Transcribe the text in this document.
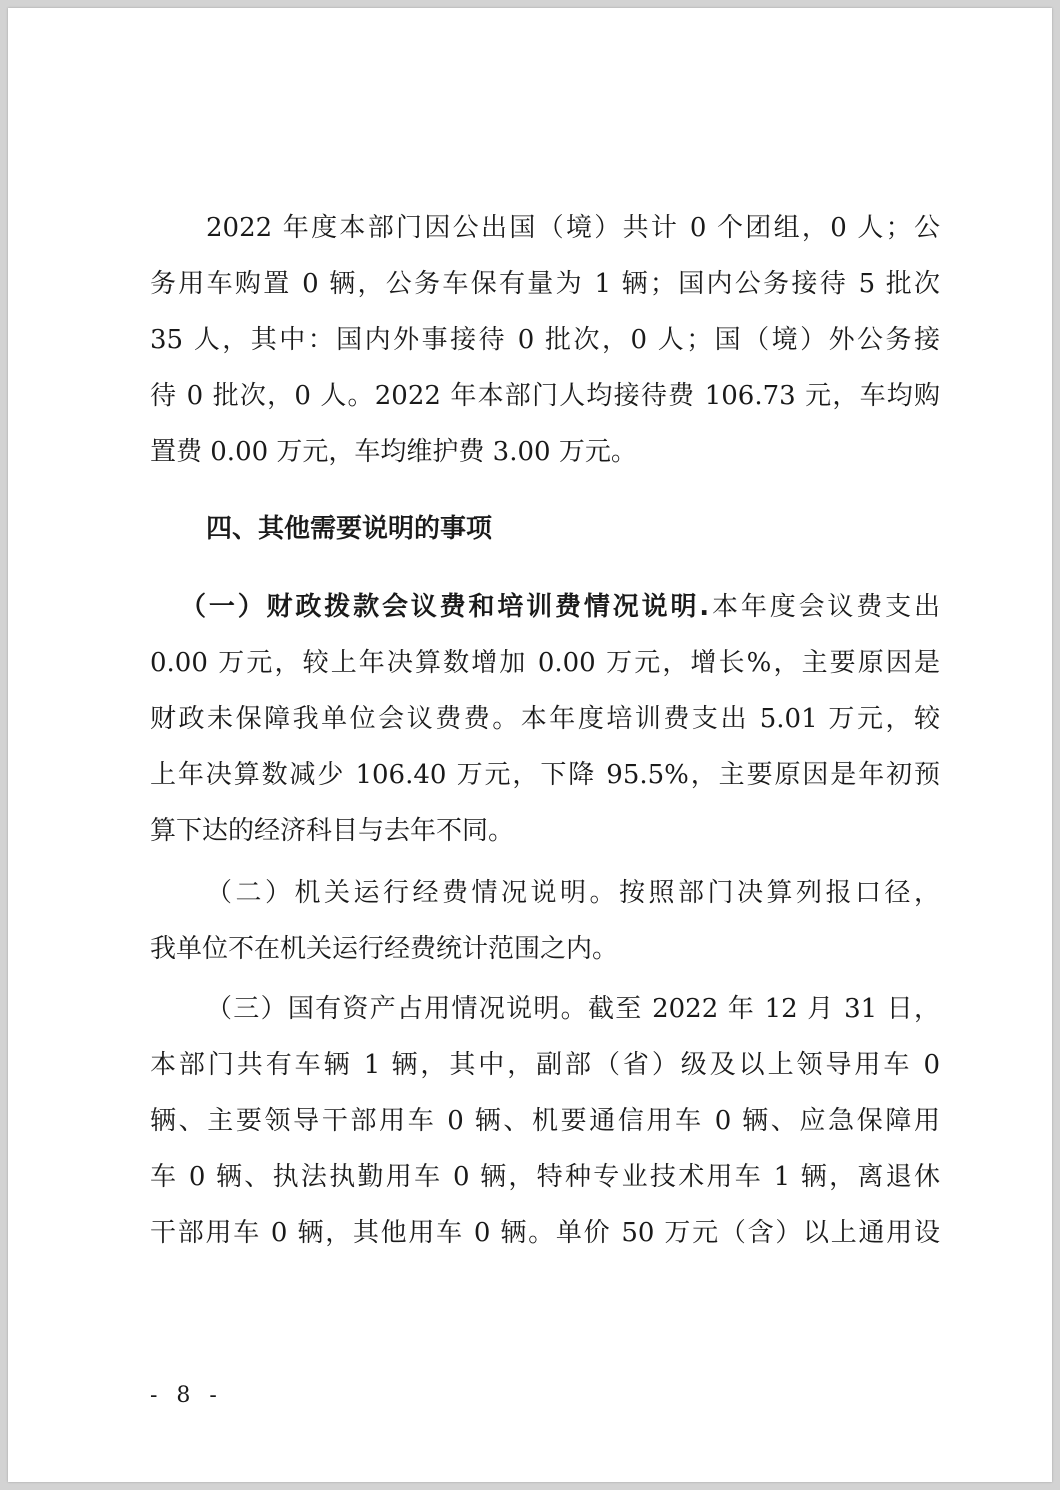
2022 年度本部门因公出国（境）共计 0 个团组，0 人；公
务用车购置 0 辆，公务车保有量为 1 辆；国内公务接待 5 批次
35 人，其中：国内外事接待 0 批次，0 人；国（境）外公务接
待 0 批次，0 人。2022 年本部门人均接待费 106.73 元，车均购
置费 0.00 万元，车均维护费 3.00 万元。
四、其他需要说明的事项
（一）财政拨款会议费和培训费情况说明.本年度会议费支出
0.00 万元，较上年决算数增加 0.00 万元，增长%，主要原因是
财政未保障我单位会议费费。本年度培训费支出 5.01 万元，较
上年决算数减少 106.40 万元，下降 95.5%，主要原因是年初预
算下达的经济科目与去年不同。
（二）机关运行经费情况说明。按照部门决算列报口径，
我单位不在机关运行经费统计范围之内。
（三）国有资产占用情况说明。截至 2022 年 12 月 31 日，
本部门共有车辆 1 辆，其中，副部（省）级及以上领导用车 0
辆、主要领导干部用车 0 辆、机要通信用车 0 辆、应急保障用
车 0 辆、执法执勤用车 0 辆，特种专业技术用车 1 辆，离退休
干部用车 0 辆，其他用车 0 辆。单价 50 万元（含）以上通用设
- 8 -
